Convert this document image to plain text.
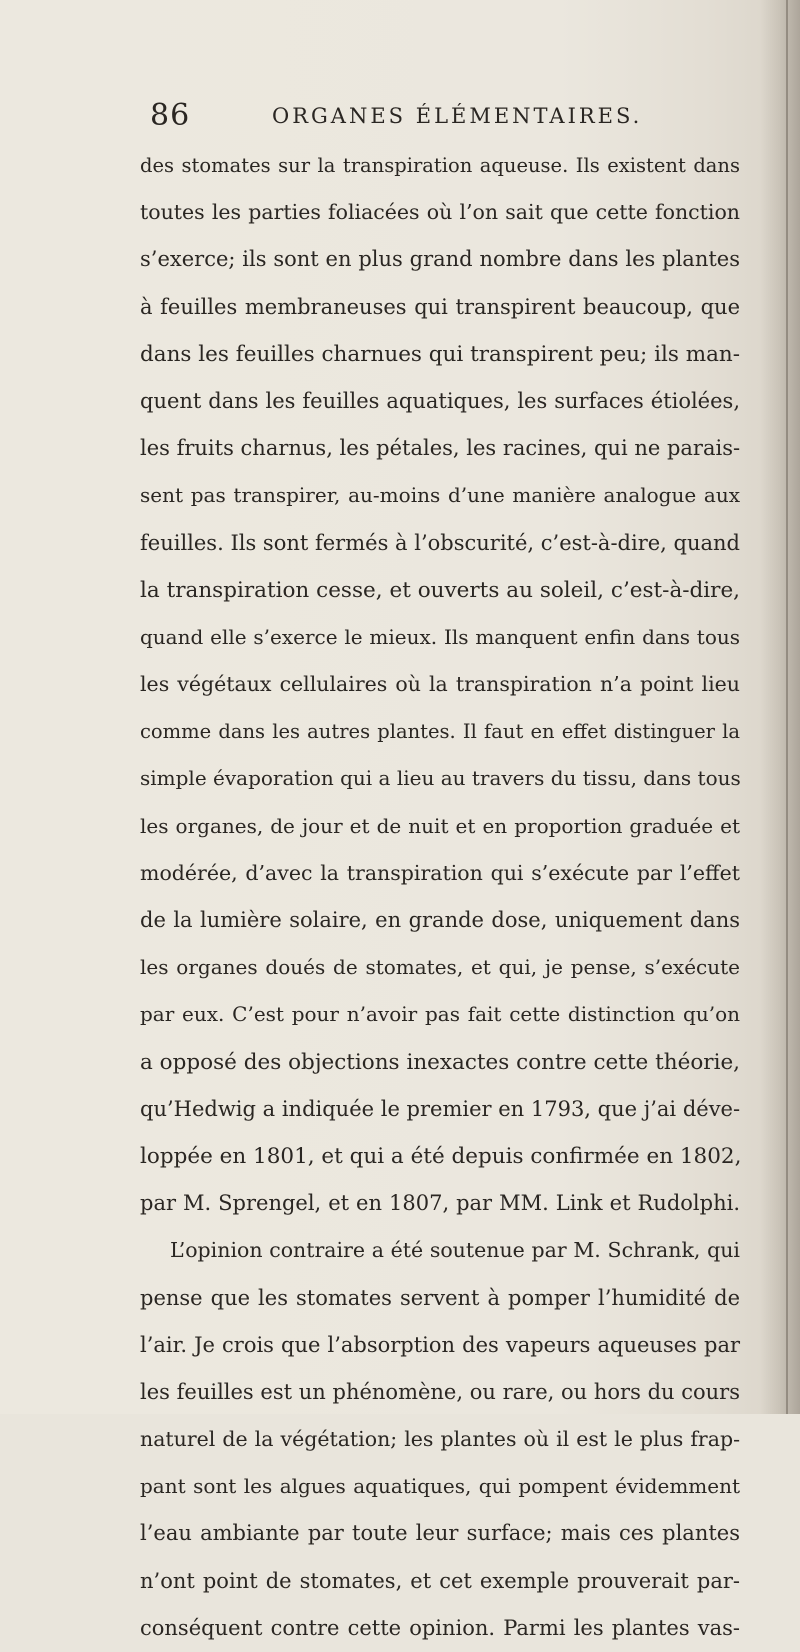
86	ORGANES ÉLÉMENTAIRES.
des stomates sur la transpiration aqueuse. Ils existent dans
toutes les parties foliacées où l’on sait que cette fonction
s’exerce; ils sont en plus grand nombre dans les plantes
à feuilles membraneuses qui transpirent beaucoup, que
dans les feuilles charnues qui transpirent peu; ils man-
quent dans les feuilles aquatiques, les surfaces étiolées,
les fruits charnus, les pétales, les racines, qui ne parais-
sent pas transpirer, au-moins d’une manière analogue aux
feuilles. Ils sont fermés à l’obscurité, c’est-à-dire, quand
la transpiration cesse, et ouverts au soleil, c’est-à-dire,
quand elle s’exerce le mieux. Ils manquent enfin dans tous
les végétaux cellulaires où la transpiration n’a point lieu
comme dans les autres plantes. Il faut en effet distinguer la
simple évaporation qui a lieu au travers du tissu, dans tous
les organes, de jour et de nuit et en proportion graduée et
modérée, d’avec la transpiration qui s’exécute par l’effet
de la lumière solaire, en grande dose, uniquement dans
les organes doués de stomates, et qui, je pense, s’exécute
par eux. C’est pour n’avoir pas fait cette distinction qu’on
a opposé des objections inexactes contre cette théorie,
qu’Hedwig a indiquée le premier en 1793, que j’ai déve-
loppée en 1801, et qui a été depuis confirmée en 1802,
par M. Sprengel, et en 1807, par MM. Link et Rudolphi.
L’opinion contraire a été soutenue par M. Schrank, qui
pense que les stomates servent à pomper l’humidité de
l’air. Je crois que l’absorption des vapeurs aqueuses par
les feuilles est un phénomène, ou rare, ou hors du cours
naturel de la végétation; les plantes où il est le plus frap-
pant sont les algues aquatiques, qui pompent évidemment
l’eau ambiante par toute leur surface; mais ces plantes
n’ont point de stomates, et cet exemple prouverait par-
conséquent contre cette opinion. Parmi les plantes vas-
